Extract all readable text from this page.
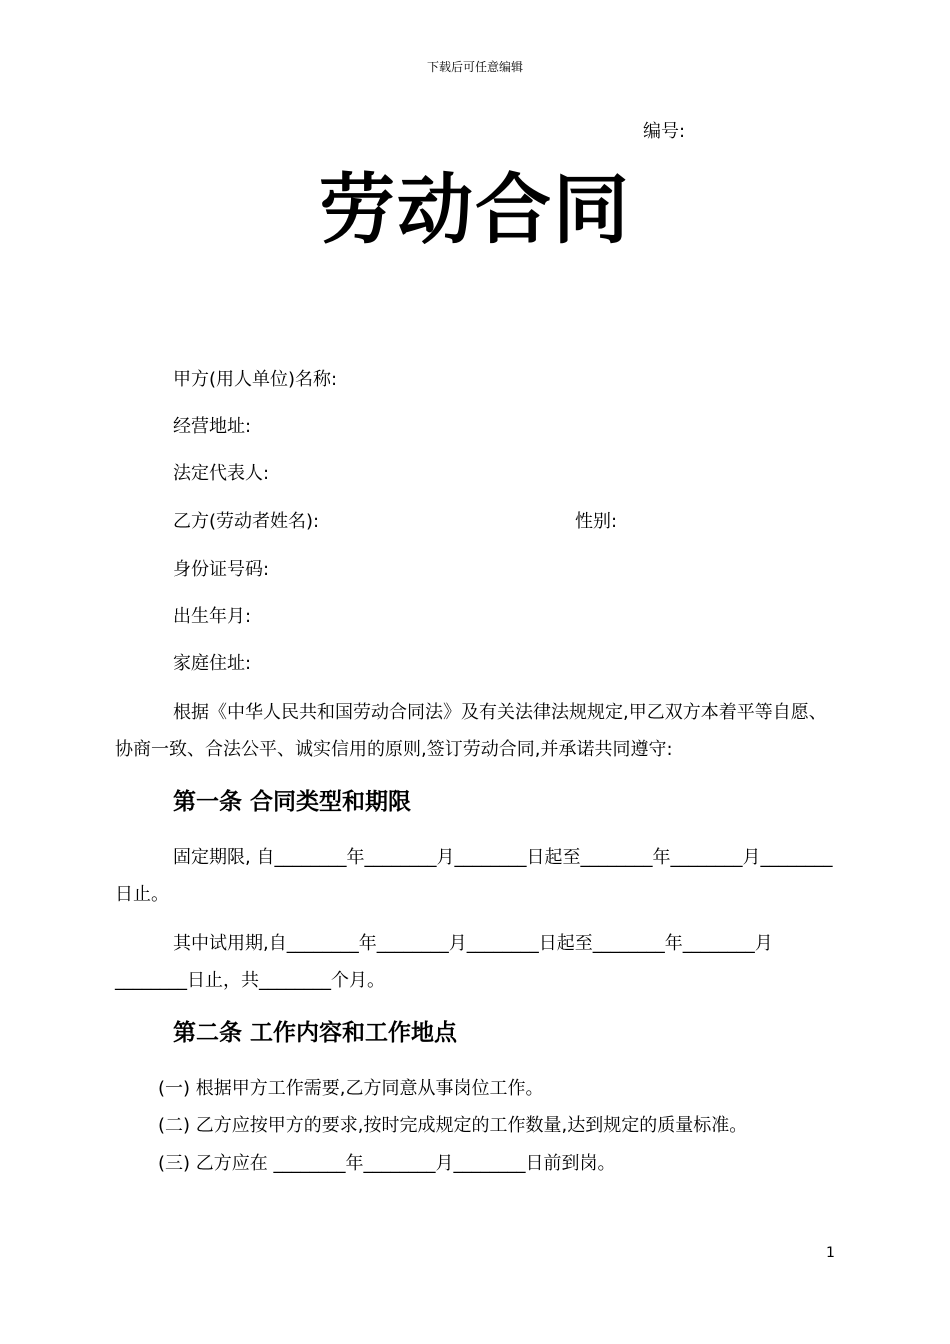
下载后可任意编辑
编号:
劳动合同
甲方(用人单位)名称:
经营地址:
法定代表人:
乙方(劳动者姓名):	性别:
身份证号码:
出生年月:
家庭住址:
根据《中华人民共和国劳动合同法》及有关法律法规规定,甲乙双方本着平等自愿、协商一致、合法公平、诚实信用的原则,签订劳动合同,并承诺共同遵守:
第一条 合同类型和期限
固定期限, 自________年________月________日起至________年________月________日止。
其中试用期,自________年________月________日起至________年________月 ________日止，共________个月。
第二条 工作内容和工作地点
(一) 根据甲方工作需要,乙方同意从事岗位工作。
(二) 乙方应按甲方的要求,按时完成规定的工作数量,达到规定的质量标准。
(三) 乙方应在 ________年________月________日前到岗。
1
